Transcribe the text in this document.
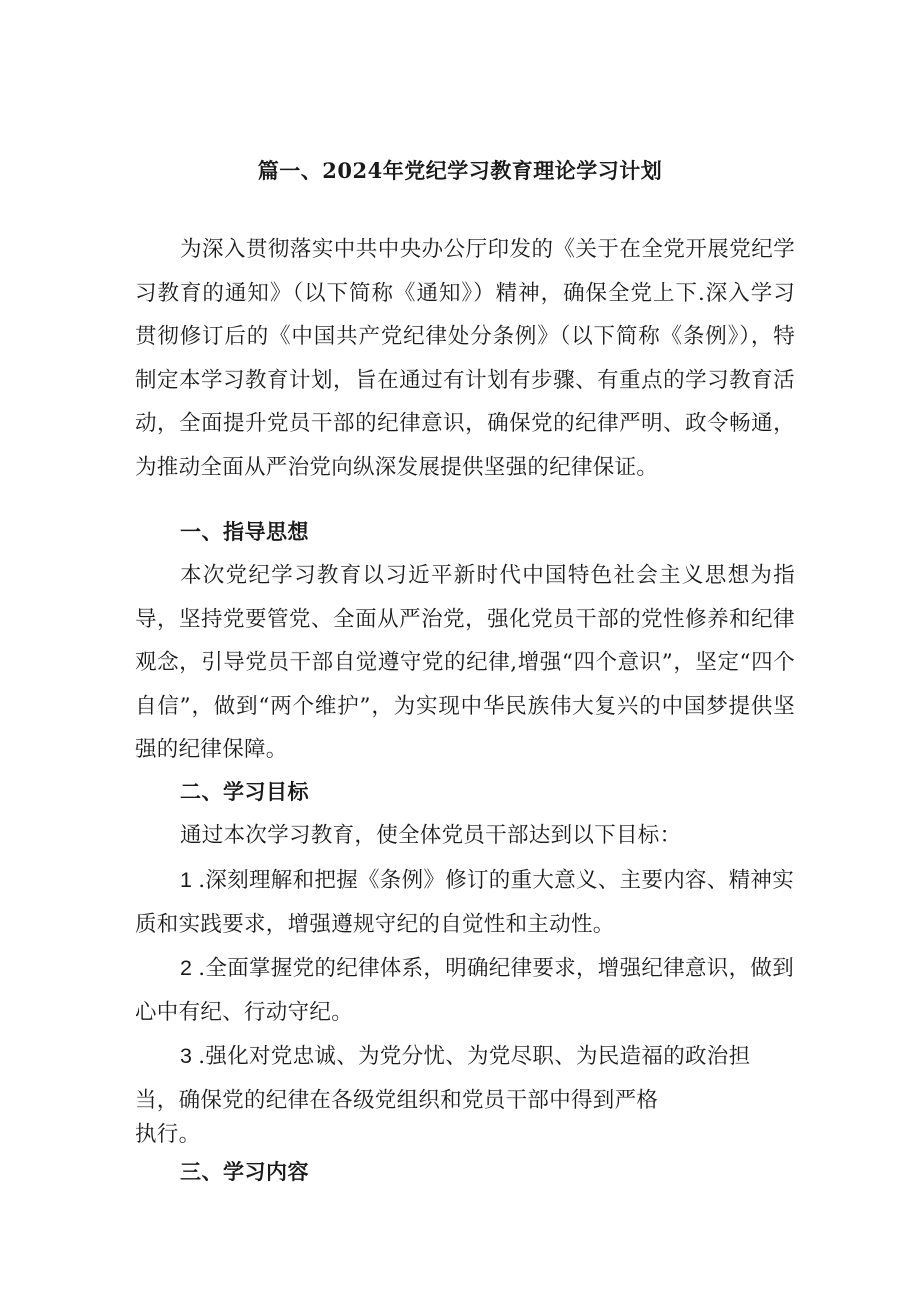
篇一、2024年党纪学习教育理论学习计划
为深入贯彻落实中共中央办公厅印发的《关于在全党开展党纪学习教育的通知》（以下简称《通知》）精神，确保全党上下.深入学习贯彻修订后的《中国共产党纪律处分条例》（以下简称《条例》），特制定本学习教育计划，旨在通过有计划有步骤、有重点的学习教育活动，全面提升党员干部的纪律意识，确保党的纪律严明、政令畅通，为推动全面从严治党向纵深发展提供坚强的纪律保证。
一、指导思想
本次党纪学习教育以习近平新时代中国特色社会主义思想为指导，坚持党要管党、全面从严治党，强化党员干部的党性修养和纪律观念，引导党员干部自觉遵守党的纪律,增强“四个意识”，坚定“四个自信”，做到“两个维护”，为实现中华民族伟大复兴的中国梦提供坚强的纪律保障。
二、学习目标
通过本次学习教育，使全体党员干部达到以下目标：
1 .深刻理解和把握《条例》修订的重大意义、主要内容、精神实质和实践要求，增强遵规守纪的自觉性和主动性。
2 .全面掌握党的纪律体系，明确纪律要求，增强纪律意识，做到心中有纪、行动守纪。
3 .强化对党忠诚、为党分忧、为党尽职、为民造福的政治担当，确保党的纪律在各级党组织和党员干部中得到严格
执行。
三、学习内容
